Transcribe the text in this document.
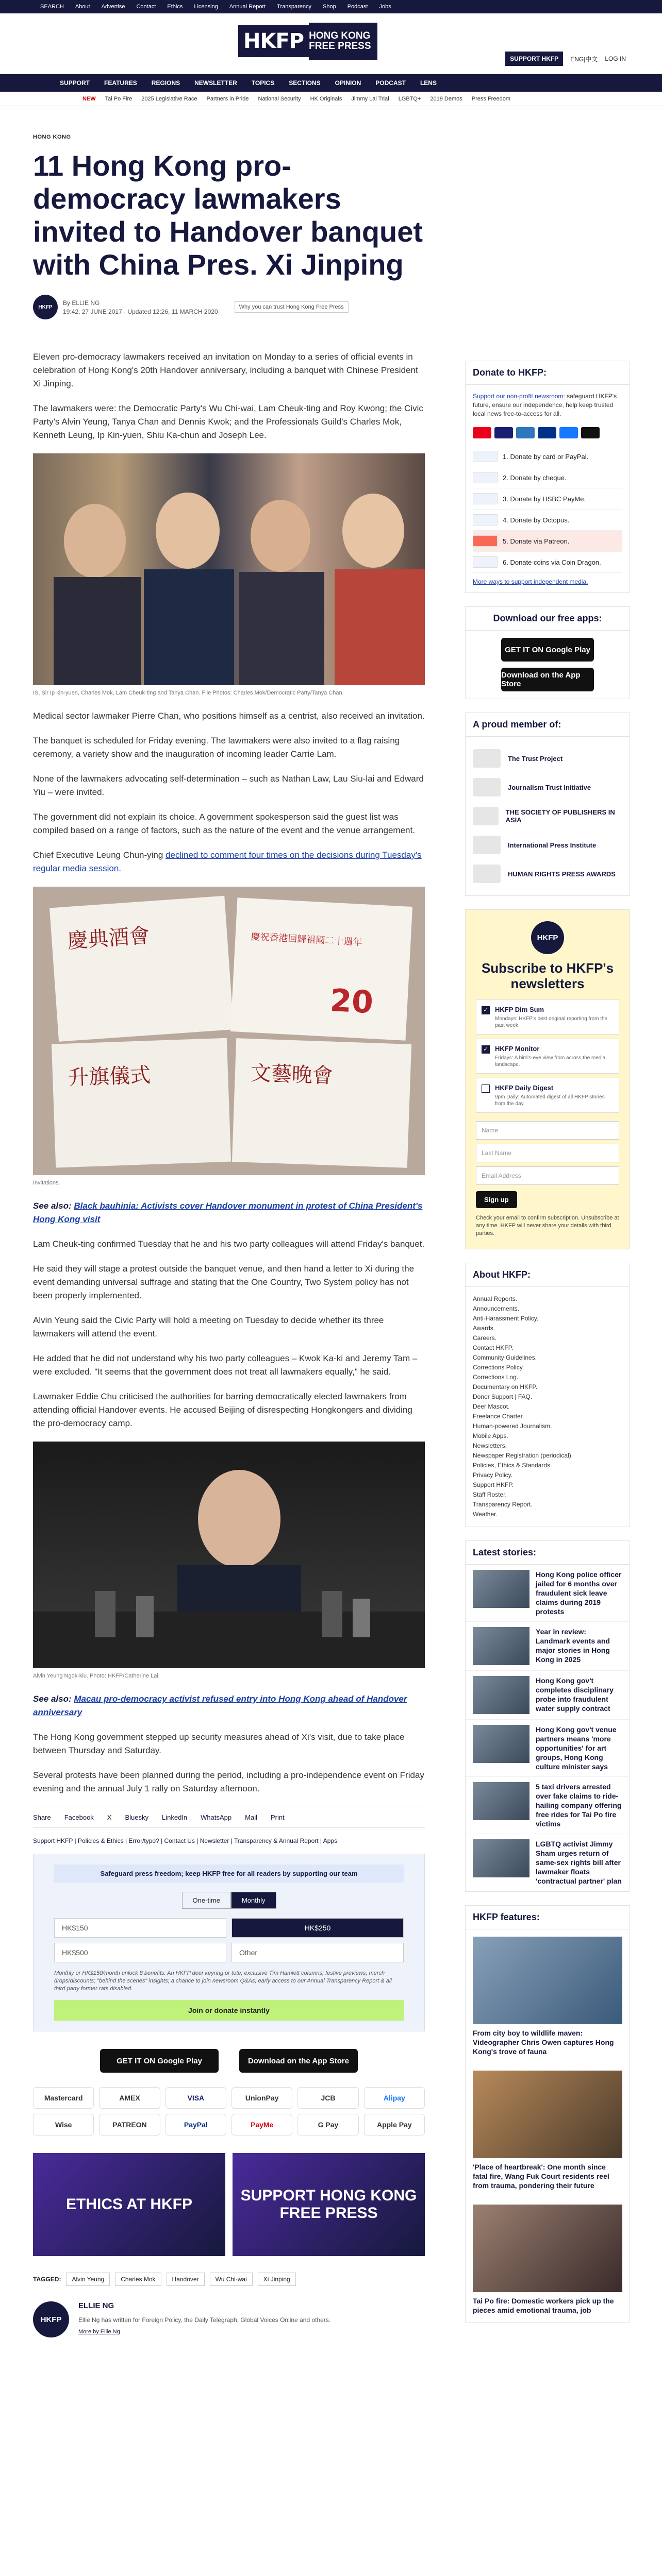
SEARCH	About	Advertise	Contact	Ethics	Licensing	Annual Report	Transparency	Shop	Podcast	Jobs
HKFP HONG KONG
FREE PRESS
SUPPORT HKFP	ENG|中文 LOG IN
SUPPORT FEATURES REGIONS NEWSLETTER TOPICS SECTIONS OPINION PODCAST LENS
NEW Tai Po Fire 2025 Legislative Race Partners in Pride National Security HK Originals Jimmy Lai Trial LGBTQ+ 2019 Demos Press Freedom
HONG KONG
11 Hong Kong pro-democracy lawmakers invited to Handover banquet with China Pres. Xi Jinping
HKFP
By ELLIE NG
19:42, 27 JUNE 2017 · Updated 12:26, 11 MARCH 2020
Why you can trust Hong Kong Free Press

Eleven pro-democracy lawmakers received an invitation on Monday to a series of official events in celebration of Hong Kong's 20th Handover anniversary, including a banquet with Chinese President Xi Jinping.

The lawmakers were: the Democratic Party's Wu Chi-wai, Lam Cheuk-ting and Roy Kwong; the Civic Party's Alvin Yeung, Tanya Chan and Dennis Kwok; and the Professionals Guild's Charles Mok, Kenneth Leung, Ip Kin-yuen, Shiu Ka-chun and Joseph Lee.

IS, Sir Ip kin-yuen, Charles Mok, Lam Cheuk-ting and Tanya Chan. File Photos: Charles Mok/Democratic Party/Tanya Chan.

Medical sector lawmaker Pierre Chan, who positions himself as a centrist, also received an invitation.

The banquet is scheduled for Friday evening. The lawmakers were also invited to a flag raising ceremony, a variety show and the inauguration of incoming leader Carrie Lam.

None of the lawmakers advocating self-determination – such as Nathan Law, Lau Siu-lai and Edward Yiu – were invited.

The government did not explain its choice. A government spokesperson said the guest list was compiled based on a range of factors, such as the nature of the event and the venue arrangement.

Chief Executive Leung Chun-ying declined to comment four times on the decisions during Tuesday's regular media session.

慶典酒會	慶祝香港回歸祖國二十週年
20
升旗儀式	文藝晚會
Invitations.

See also: Black bauhinia: Activists cover Handover monument in protest of China President's Hong Kong visit

Lam Cheuk-ting confirmed Tuesday that he and his two party colleagues will attend Friday's banquet.

He said they will stage a protest outside the banquet venue, and then hand a letter to Xi during the event demanding universal suffrage and stating that the One Country, Two System policy has not been properly implemented.

Alvin Yeung said the Civic Party will hold a meeting on Tuesday to decide whether its three lawmakers will attend the event.

He added that he did not understand why his two party colleagues – Kwok Ka-ki and Jeremy Tam – were excluded. "It seems that the government does not treat all lawmakers equally," he said.

Lawmaker Eddie Chu criticised the authorities for barring democratically elected lawmakers from attending official Handover events. He accused Beijing of disrespecting Hongkongers and dividing the pro-democracy camp.

Alvin Yeung Ngok-kiu. Photo: HKFP/Catherine Lai.

See also: Macau pro-democracy activist refused entry into Hong Kong ahead of Handover anniversary

The Hong Kong government stepped up security measures ahead of Xi's visit, due to take place between Thursday and Saturday.

Several protests have been planned during the period, including a pro-independence event on Friday evening and the annual July 1 rally on Saturday afternoon.

Share Facebook X Bluesky LinkedIn WhatsApp Mail Print
Support HKFP | Policies & Ethics | Error/typo? | Contact Us | Newsletter | Transparency & Annual Report | Apps
Safeguard press freedom; keep HKFP free for all readers by supporting our team
One-time	Monthly
HK$150	HK$250
HK$500	Other

Monthly or HK$150/month unlock 8 benefits: An HKFP deer keyring or tote; exclusive Tim Hamlett columns; festive previews; merch drops/discounts; "behind the scenes" insights; a chance to join newsroom Q&As; early access to our Annual Transparency Report & all third party former rats disabled.

Join or donate instantly
GET IT ON Google Play	Download on the App Store
Mastercard	AMEX	VISA	UnionPay	JCB	Alipay
Wise	PATREON	PayPal	PayMe	G Pay	Apple Pay
ETHICS AT HKFP
SUPPORT HONG KONG FREE PRESS
TAGGED:	Alvin Yeung	Charles Mok	Handover	Wu Chi-wai	Xi Jinping
HKFP
ELLIE NG
Ellie Ng has written for Foreign Policy, the Daily Telegraph, Global Voices Online and others.
More by Ellie Ng
Donate to HKFP:

Support our non-profit newsroom: safeguard HKFP's future, ensure our independence, help keep trusted local news free-to-access for all.

1. Donate by card or PayPal.
2. Donate by cheque.
3. Donate by HSBC PayMe.
4. Donate by Octopus.
5. Donate via Patreon.
6. Donate coins via Coin Dragon.
More ways to support independent media.
Download our free apps:
GET IT ON Google Play
Download on the App Store
A proud member of:
The Trust Project
Journalism Trust Initiative
THE SOCIETY OF PUBLISHERS IN ASIA
International Press Institute
HUMAN RIGHTS PRESS AWARDS
HKFP
Subscribe to HKFP's newsletters
✓ HKFP Dim Sum

Mondays: HKFP's best original reporting from the past week.

✓ HKFP Monitor

Fridays: A bird's-eye view from across the media landscape.

HKFP Daily Digest

9pm Daily: Automated digest of all HKFP stories from the day.

Name
Last Name
Email Address
Sign up

Check your email to confirm subscription. Unsubscribe at any time. HKFP will never share your details with third parties.

About HKFP:
Annual Reports.
Announcements.
Anti-Harassment Policy.
Awards.
Careers.
Contact HKFP.
Community Guidelines.
Corrections Policy.
Corrections Log.
Documentary on HKFP.
Donor Support | FAQ.
Deer Mascot.
Freelance Charter.
Human-powered Journalism.
Mobile Apps.
Newsletters.
Newspaper Registration (periodical).
Policies, Ethics & Standards.
Privacy Policy.
Support HKFP.
Staff Roster.
Transparency Report.
Weather.
Latest stories:
Hong Kong police officer jailed for 6 months over fraudulent sick leave claims during 2019 protests
Year in review: Landmark events and major stories in Hong Kong in 2025
Hong Kong gov't completes disciplinary probe into fraudulent water supply contract
Hong Kong gov't venue partners means 'more opportunities' for art groups, Hong Kong culture minister says
5 taxi drivers arrested over fake claims to ride-hailing company offering free rides for Tai Po fire victims
LGBTQ activist Jimmy Sham urges return of same-sex rights bill after lawmaker floats 'contractual partner' plan
HKFP features:
From city boy to wildlife maven: Videographer Chris Owen captures Hong Kong's trove of fauna
'Place of heartbreak': One month since fatal fire, Wang Fuk Court residents reel from trauma, pondering their future
Tai Po fire: Domestic workers pick up the pieces amid emotional trauma, job
